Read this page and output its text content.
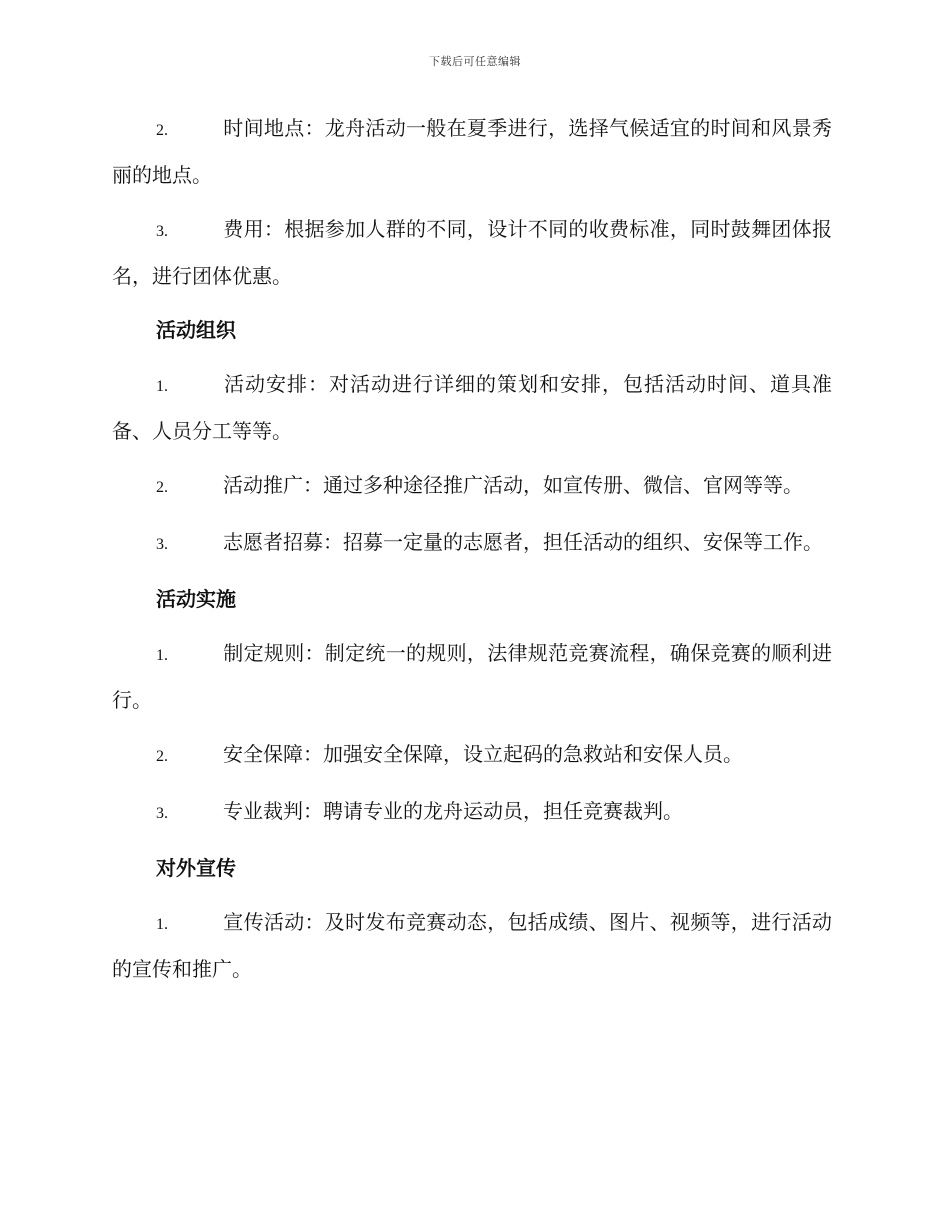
下载后可任意编辑

2.	时间地点：龙舟活动一般在夏季进行，选择气候适宜的时间和风景秀丽的地点。

3.	费用：根据参加人群的不同，设计不同的收费标准，同时鼓舞团体报名，进行团体优惠。

活动组织

1.	活动安排：对活动进行详细的策划和安排，包括活动时间、道具准备、人员分工等等。

2.	活动推广：通过多种途径推广活动，如宣传册、微信、官网等等。

3.	志愿者招募：招募一定量的志愿者，担任活动的组织、安保等工作。

活动实施

1.	制定规则：制定统一的规则，法律规范竞赛流程，确保竞赛的顺利进行。

2.	安全保障：加强安全保障，设立起码的急救站和安保人员。

3.	专业裁判：聘请专业的龙舟运动员，担任竞赛裁判。

对外宣传

1.	宣传活动：及时发布竞赛动态，包括成绩、图片、视频等，进行活动的宣传和推广。
